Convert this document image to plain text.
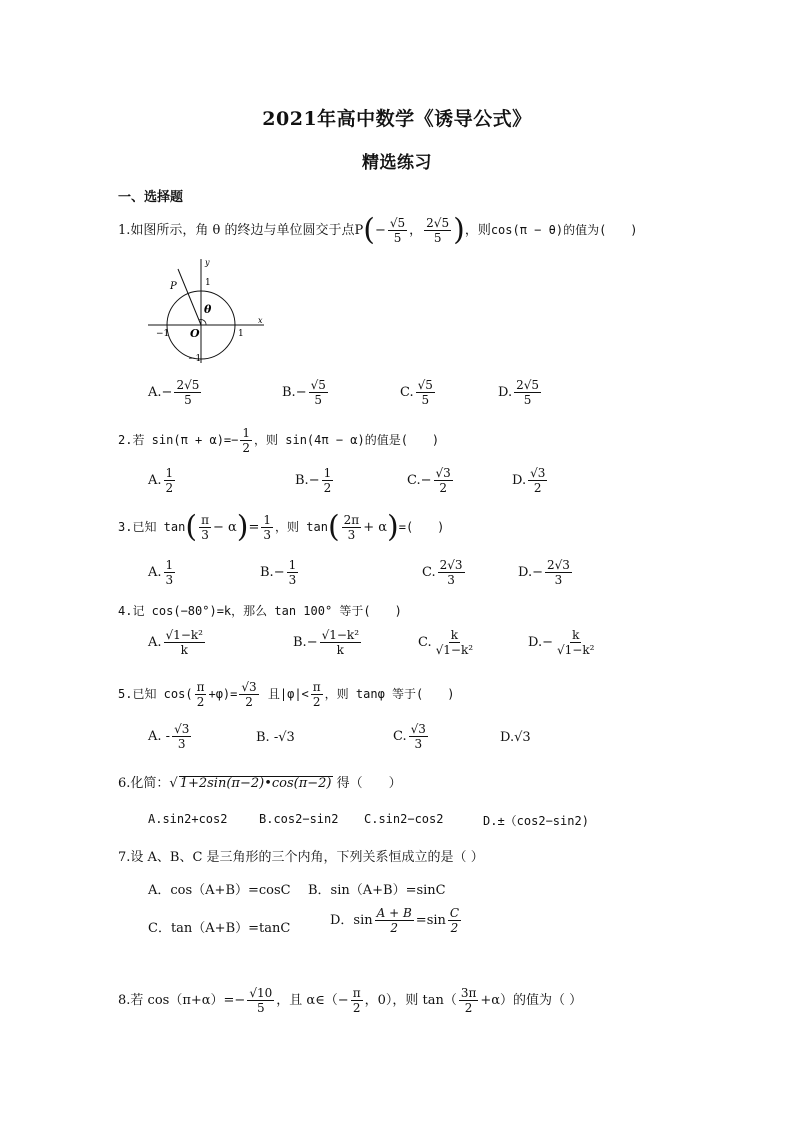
2021年高中数学《诱导公式》
精选练习
一、选择题
1.如图所示，角 θ 的终边与单位圆交于点$P(- \frac{√5}{5}$ ， $\frac{2√5}{5}$ )，则cos(π − θ)的值为(　　)
y
x
1
1
−1
−1
O
θ
P
$A.- \frac{2√5}{5}$	$B.- \frac{√5}{5}$	C. $\frac{√5}{5}$	D. $\frac{2√5}{5}$
2.若 $\sin(\pi + \alpha)=- \frac{1}{2}$ ，则 sin(4π − α)的值是(　　)
A. $\frac{1}{2}$	$B.- \frac{1}{2}$	$C.- \frac{√3}{2}$	D. $\frac{√3}{2}$
3.已知 $\tan( \frac{\pi}{3} - \alpha)= \frac{1}{3}$ ，则 $\tan( \frac{2\pi}{3} + \alpha)=$(　　)
A. $\frac{1}{3}$	$B.- \frac{1}{3}$	C. $\frac{2√3}{3}$	$D.- \frac{2√3}{3}$
4.记 cos(−80°)=k，那么 tan 100° 等于(　　)
A. $\frac{\text{√1−k²}}{k}$	$B.- \frac{\text{√1−k²}}{k}$	C. $\frac{k}{\text{√1−k²}}$	$D.- \frac{k}{\text{√1−k²}}$
5.已知 $\cos( \frac{\pi}{2} +\varphi)= \frac{√3}{2}$ 且$|\varphi|< \frac{\pi}{2}$ ，则 tanφ 等于(　　)
A. - $\frac{√3}{3}$	B. -√3	C. $\frac{√3}{3}$	D.√3
6.化简：√ 1+2sin(π−2)•cos(π−2) 得（　　）
A.sin2+cos2	B.cos2−sin2 C.sin2−cos2	D.±（cos2−sin2)
7.设 A、B、C 是三角形的三个内角，下列关系恒成立的是（ ）
A．cos（A+B）=cosC B．sin（A+B）=sinC
C．tan（A+B）=tanC
D．$\sin \frac{A + B}{2} =\sin \frac{C}{2}$
8.若 $\cos(\pi+\alpha)=- \frac{√10}{5}$ ，且 α∈（− $\frac{\pi}{2}$ ，0），则 $\tan( \frac{3\pi}{2} +\alpha)$的值为（ ）
